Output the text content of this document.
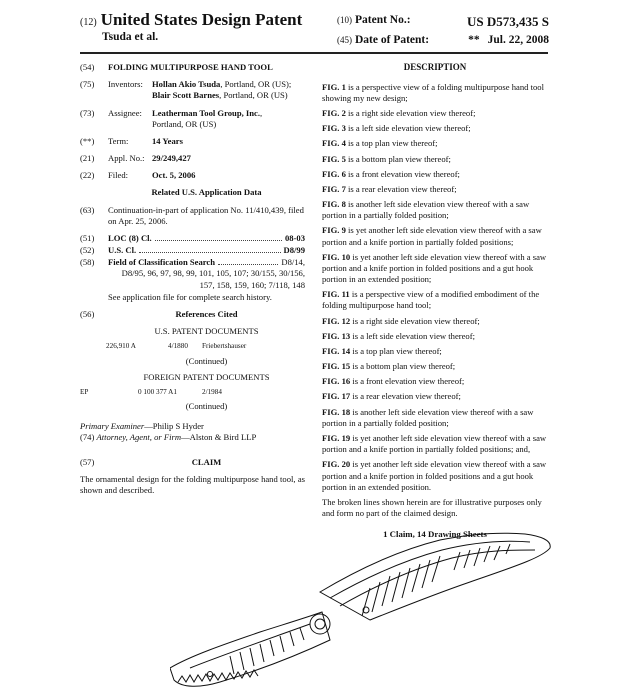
(12) United States Design Patent
Tsuda et al.
(10) Patent No.:	US D573,435 S
(45) Date of Patent:	** Jul. 22, 2008
(54)	FOLDING MULTIPURPOSE HAND TOOL
(75)	Inventors:	Hollan Akio Tsuda, Portland, OR (US);
Blair Scott Barnes, Portland, OR (US)
(73)	Assignee:	Leatherman Tool Group, Inc.,
Portland, OR (US)
(**)	Term:	14 Years
(21)	Appl. No.: 29/249,427
(22)	Filed:	Oct. 5, 2006
Related U.S. Application Data
(63)	Continuation-in-part of application No. 11/410,439, filed on Apr. 25, 2006.
(51)	LOC (8) Cl.	08-03
(52)	U.S. Cl.	D8/99
(58)	Field of Classification Search	D8/14,
D8/95, 96, 97, 98, 99, 101, 105, 107; 30/155, 30/156, 157, 158, 159, 160; 7/118, 148
See application file for complete search history.
(56)	References Cited
U.S. PATENT DOCUMENTS
226,910 A	4/1880	Friebertshauser
(Continued)
FOREIGN PATENT DOCUMENTS
EP	0 100 377 A1	2/1984
(Continued)
Primary Examiner—Philip S Hyder
(74) Attorney, Agent, or Firm—Alston & Bird LLP
(57)	CLAIM
The ornamental design for the folding multipurpose hand tool, as shown and described.
DESCRIPTION

FIG. 1 is a perspective view of a folding multipurpose hand tool showing my new design;

FIG. 2 is a right side elevation view thereof;

FIG. 3 is a left side elevation view thereof;

FIG. 4 is a top plan view thereof;

FIG. 5 is a bottom plan view thereof;

FIG. 6 is a front elevation view thereof;

FIG. 7 is a rear elevation view thereof;

FIG. 8 is another left side elevation view thereof with a saw portion in a partially folded position;

FIG. 9 is yet another left side elevation view thereof with a saw portion and a knife portion in partially folded positions;

FIG. 10 is yet another left side elevation view thereof with a saw portion and a knife portion in folded positions and a gut hook portion in an extended position;

FIG. 11 is a perspective view of a modified embodiment of the folding multipurpose hand tool;

FIG. 12 is a right side elevation view thereof;

FIG. 13 is a left side elevation view thereof;

FIG. 14 is a top plan view thereof;

FIG. 15 is a bottom plan view thereof;

FIG. 16 is a front elevation view thereof;

FIG. 17 is a rear elevation view thereof;

FIG. 18 is another left side elevation view thereof with a saw portion in a partially folded position;

FIG. 19 is yet another left side elevation view thereof with a saw portion and a knife portion in partially folded positions; and,

FIG. 20 is yet another left side elevation view thereof with a saw portion and a knife portion in folded positions and a gut hook portion in an extended position.

The broken lines shown herein are for illustrative purposes only and form no part of the claimed design.
1 Claim, 14 Drawing Sheets
